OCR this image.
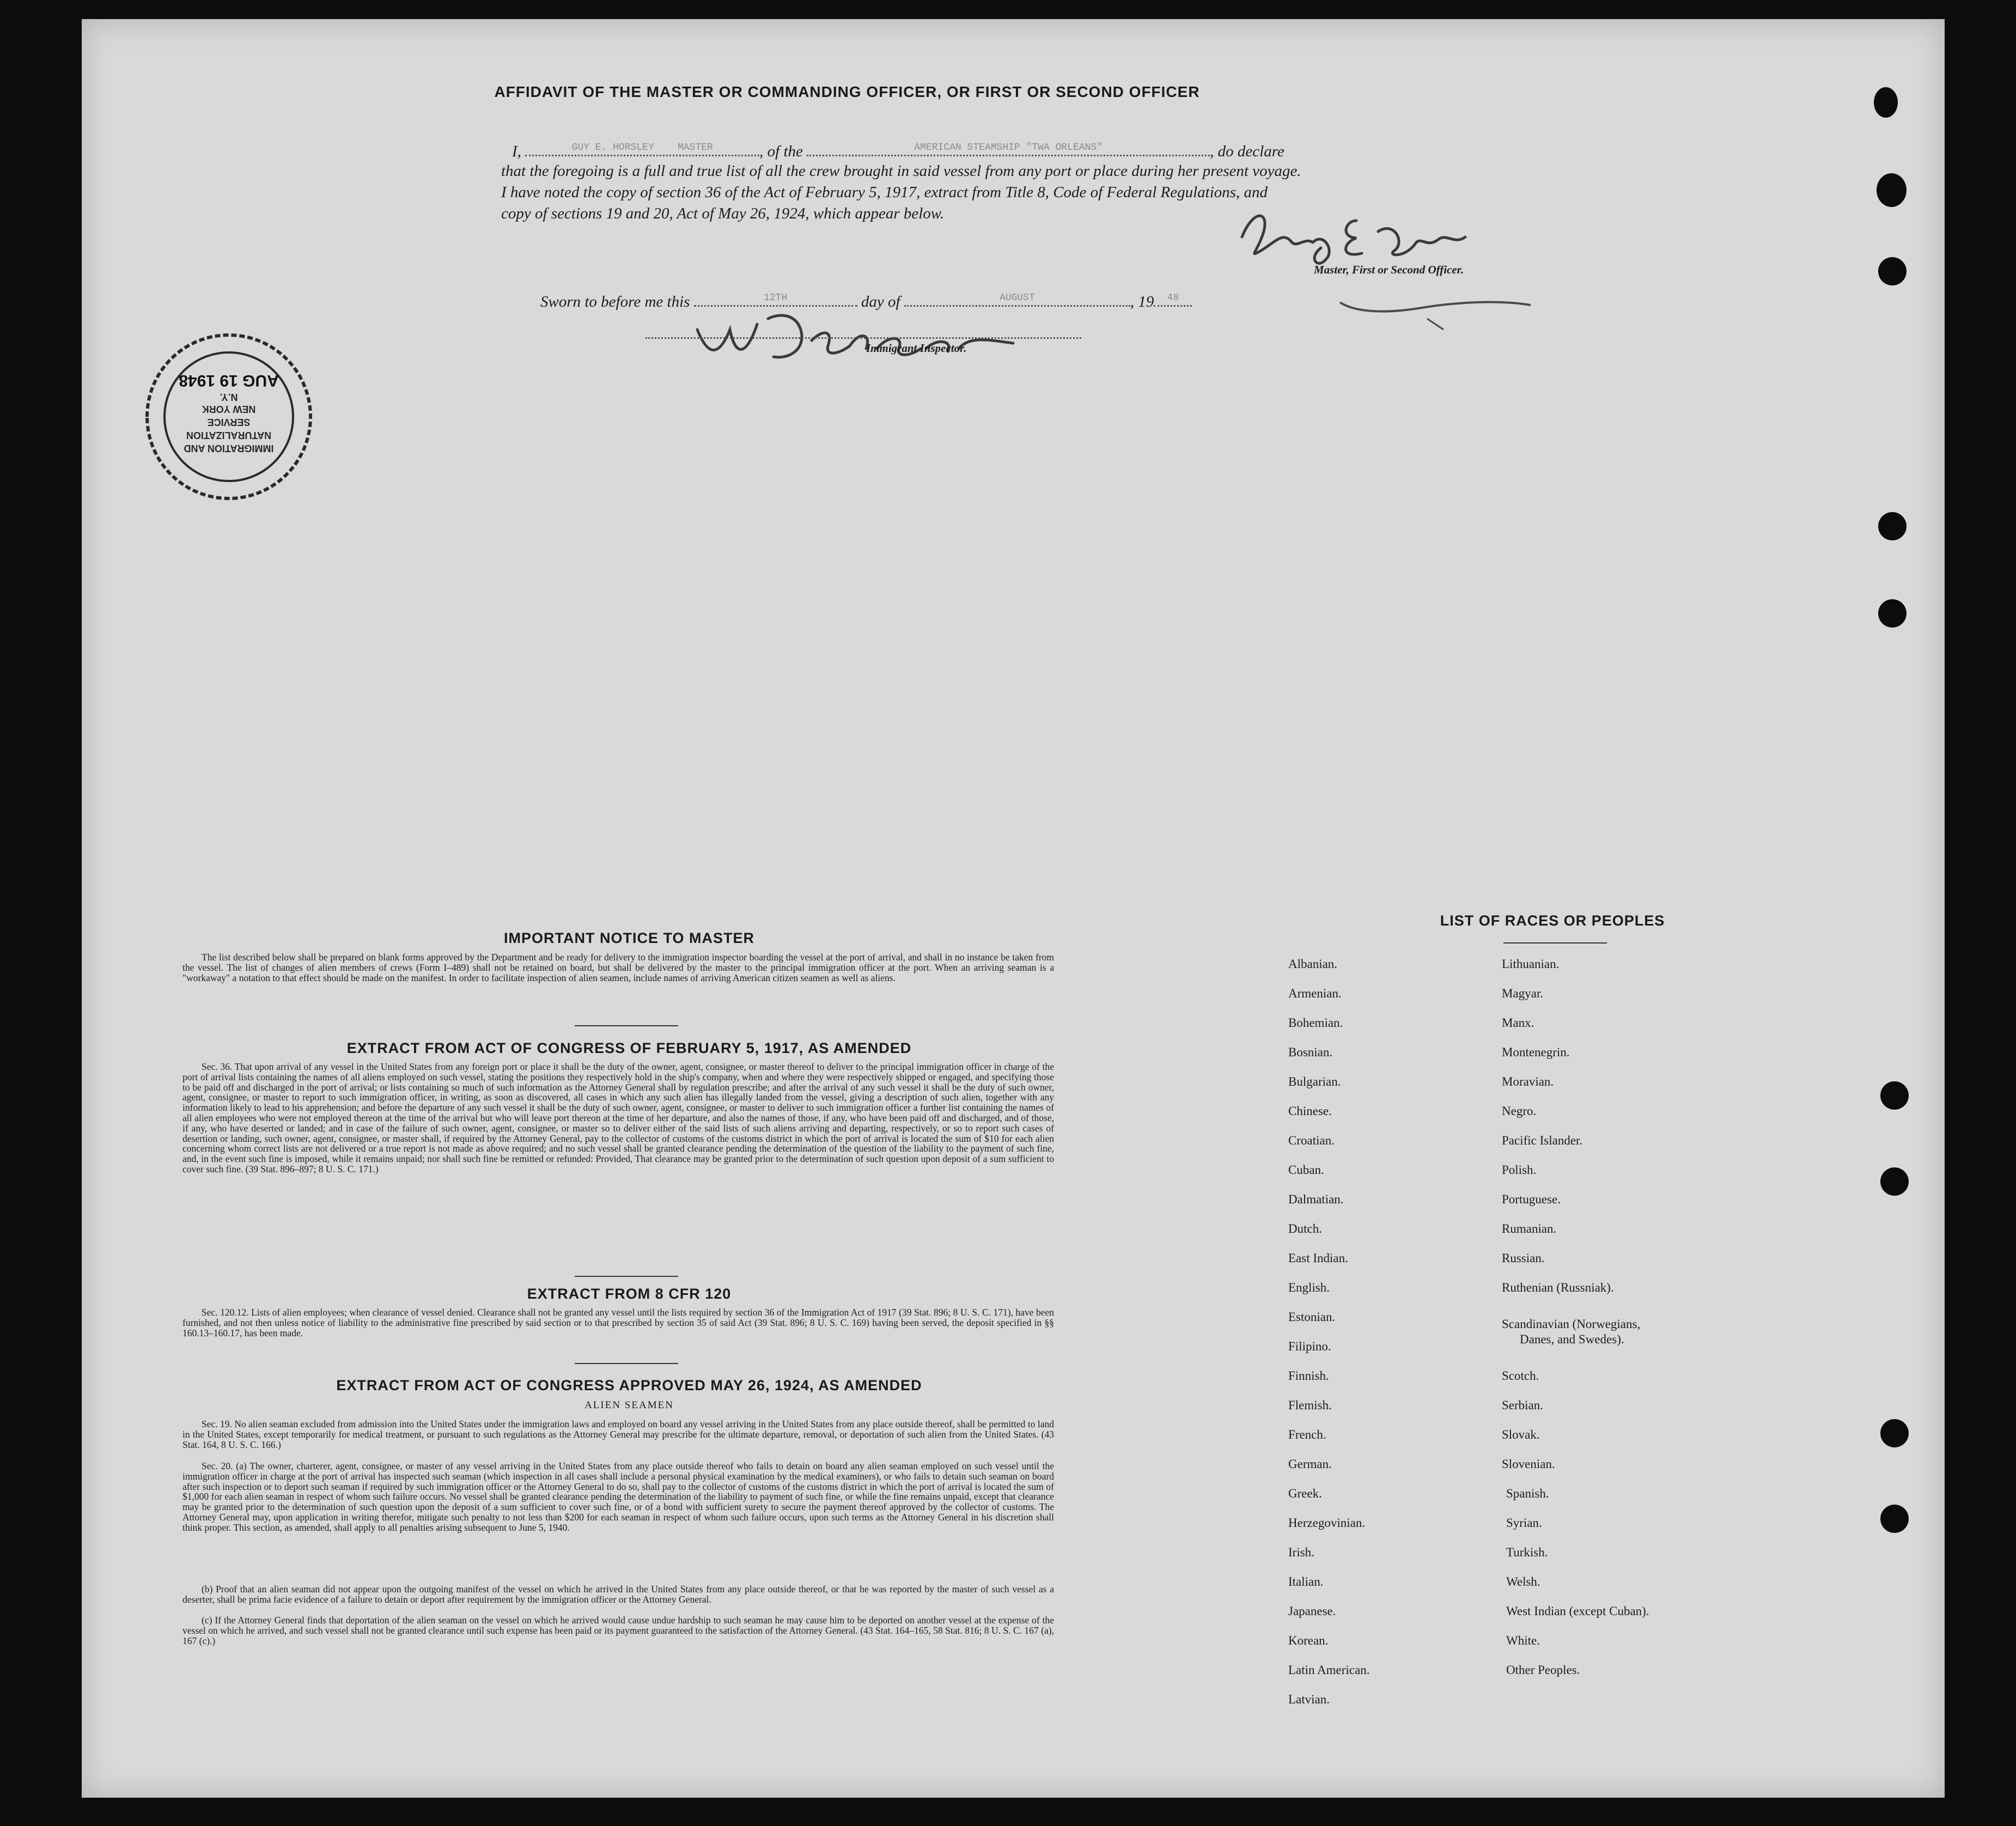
AFFIDAVIT OF THE MASTER OR COMMANDING OFFICER, OR FIRST OR SECOND OFFICER
I,	GUY E. HORSLEY MASTER	, of the	AMERICAN STEAMSHIP "TWA ORLEANS"	, do declare
that the foregoing is a full and true list of all the crew brought in said vessel from any port or place during her present voyage.
I have noted the copy of section 36 of the Act of February 5, 1917, extract from Title 8, Code of Federal Regulations, and
copy of sections 19 and 20, Act of May 26, 1924, which appear below.
Master, First or Second Officer.
Sworn to before me this	12TH	day of	AUGUST	, 19 48
Immigrant Inspector.
IMMIGRATION AND
NATURALIZATION
SERVICE
NEW YORK
N.Y.
AUG 19 1948
IMPORTANT NOTICE TO MASTER
The list described below shall be prepared on blank forms approved by the Department and be ready for delivery to the immigration inspector boarding the vessel at the port of arrival, and shall in no instance be taken from the vessel. The list of changes of alien members of crews (Form I–489) shall not be retained on board, but shall be delivered by the master to the principal immigration officer at the port. When an arriving seaman is a "workaway" a notation to that effect should be made on the manifest. In order to facilitate inspection of alien seamen, include names of arriving American citizen seamen as well as aliens.
EXTRACT FROM ACT OF CONGRESS OF FEBRUARY 5, 1917, AS AMENDED
Sec. 36. That upon arrival of any vessel in the United States from any foreign port or place it shall be the duty of the owner, agent, consignee, or master thereof to deliver to the principal immigration officer in charge of the port of arrival lists containing the names of all aliens employed on such vessel, stating the positions they respectively hold in the ship's company, when and where they were respectively shipped or engaged, and specifying those to be paid off and discharged in the port of arrival; or lists containing so much of such information as the Attorney General shall by regulation prescribe; and after the arrival of any such vessel it shall be the duty of such owner, agent, consignee, or master to report to such immigration officer, in writing, as soon as discovered, all cases in which any such alien has illegally landed from the vessel, giving a description of such alien, together with any information likely to lead to his apprehension; and before the departure of any such vessel it shall be the duty of such owner, agent, consignee, or master to deliver to such immigration officer a further list containing the names of all alien employees who were not employed thereon at the time of the arrival but who will leave port thereon at the time of her departure, and also the names of those, if any, who have been paid off and discharged, and of those, if any, who have deserted or landed; and in case of the failure of such owner, agent, consignee, or master so to deliver either of the said lists of such aliens arriving and departing, respectively, or so to report such cases of desertion or landing, such owner, agent, consignee, or master shall, if required by the Attorney General, pay to the collector of customs of the customs district in which the port of arrival is located the sum of $10 for each alien concerning whom correct lists are not delivered or a true report is not made as above required; and no such vessel shall be granted clearance pending the determination of the question of the liability to the payment of such fine, and, in the event such fine is imposed, while it remains unpaid; nor shall such fine be remitted or refunded: Provided, That clearance may be granted prior to the determination of such question upon deposit of a sum sufficient to cover such fine. (39 Stat. 896–897; 8 U. S. C. 171.)
EXTRACT FROM 8 CFR 120
Sec. 120.12. Lists of alien employees; when clearance of vessel denied. Clearance shall not be granted any vessel until the lists required by section 36 of the Immigration Act of 1917 (39 Stat. 896; 8 U. S. C. 171), have been furnished, and not then unless notice of liability to the administrative fine prescribed by said section or to that prescribed by section 35 of said Act (39 Stat. 896; 8 U. S. C. 169) having been served, the deposit specified in §§ 160.13–160.17, has been made.
EXTRACT FROM ACT OF CONGRESS APPROVED MAY 26, 1924, AS AMENDED
ALIEN SEAMEN
Sec. 19. No alien seaman excluded from admission into the United States under the immigration laws and employed on board any vessel arriving in the United States from any place outside thereof, shall be permitted to land in the United States, except temporarily for medical treatment, or pursuant to such regulations as the Attorney General may prescribe for the ultimate departure, removal, or deportation of such alien from the United States. (43 Stat. 164, 8 U. S. C. 166.)
Sec. 20. (a) The owner, charterer, agent, consignee, or master of any vessel arriving in the United States from any place outside thereof who fails to detain on board any alien seaman employed on such vessel until the immigration officer in charge at the port of arrival has inspected such seaman (which inspection in all cases shall include a personal physical examination by the medical examiners), or who fails to detain such seaman on board after such inspection or to deport such seaman if required by such immigration officer or the Attorney General to do so, shall pay to the collector of customs of the customs district in which the port of arrival is located the sum of $1,000 for each alien seaman in respect of whom such failure occurs. No vessel shall be granted clearance pending the determination of the liability to payment of such fine, or while the fine remains unpaid, except that clearance may be granted prior to the determination of such question upon the deposit of a sum sufficient to cover such fine, or of a bond with sufficient surety to secure the payment thereof approved by the collector of customs. The Attorney General may, upon application in writing therefor, mitigate such penalty to not less than $200 for each seaman in respect of whom such failure occurs, upon such terms as the Attorney General in his discretion shall think proper. This section, as amended, shall apply to all penalties arising subsequent to June 5, 1940.
(b) Proof that an alien seaman did not appear upon the outgoing manifest of the vessel on which he arrived in the United States from any place outside thereof, or that he was reported by the master of such vessel as a deserter, shall be prima facie evidence of a failure to detain or deport after requirement by the immigration officer or the Attorney General.
(c) If the Attorney General finds that deportation of the alien seaman on the vessel on which he arrived would cause undue hardship to such seaman he may cause him to be deported on another vessel at the expense of the vessel on which he arrived, and such vessel shall not be granted clearance until such expense has been paid or its payment guaranteed to the satisfaction of the Attorney General. (43 Stat. 164–165, 58 Stat. 816; 8 U. S. C. 167 (a), 167 (c).)
LIST OF RACES OR PEOPLES
Albanian.
Armenian.
Bohemian.
Bosnian.
Bulgarian.
Chinese.
Croatian.
Cuban.
Dalmatian.
Dutch.
East Indian.
English.
Estonian.
Filipino.
Finnish.
Flemish.
French.
German.
Greek.
Herzegovinian.
Irish.
Italian.
Japanese.
Korean.
Latin American.
Latvian.
Lithuanian.
Magyar.
Manx.
Montenegrin.
Moravian.
Negro.
Pacific Islander.
Polish.
Portuguese.
Rumanian.
Russian.
Ruthenian (Russniak).
Scandinavian (Norwegians,
Danes, and Swedes).
Scotch.
Serbian.
Slovak.
Slovenian.
Spanish.
Syrian.
Turkish.
Welsh.
West Indian (except Cuban).
White.
Other Peoples.
